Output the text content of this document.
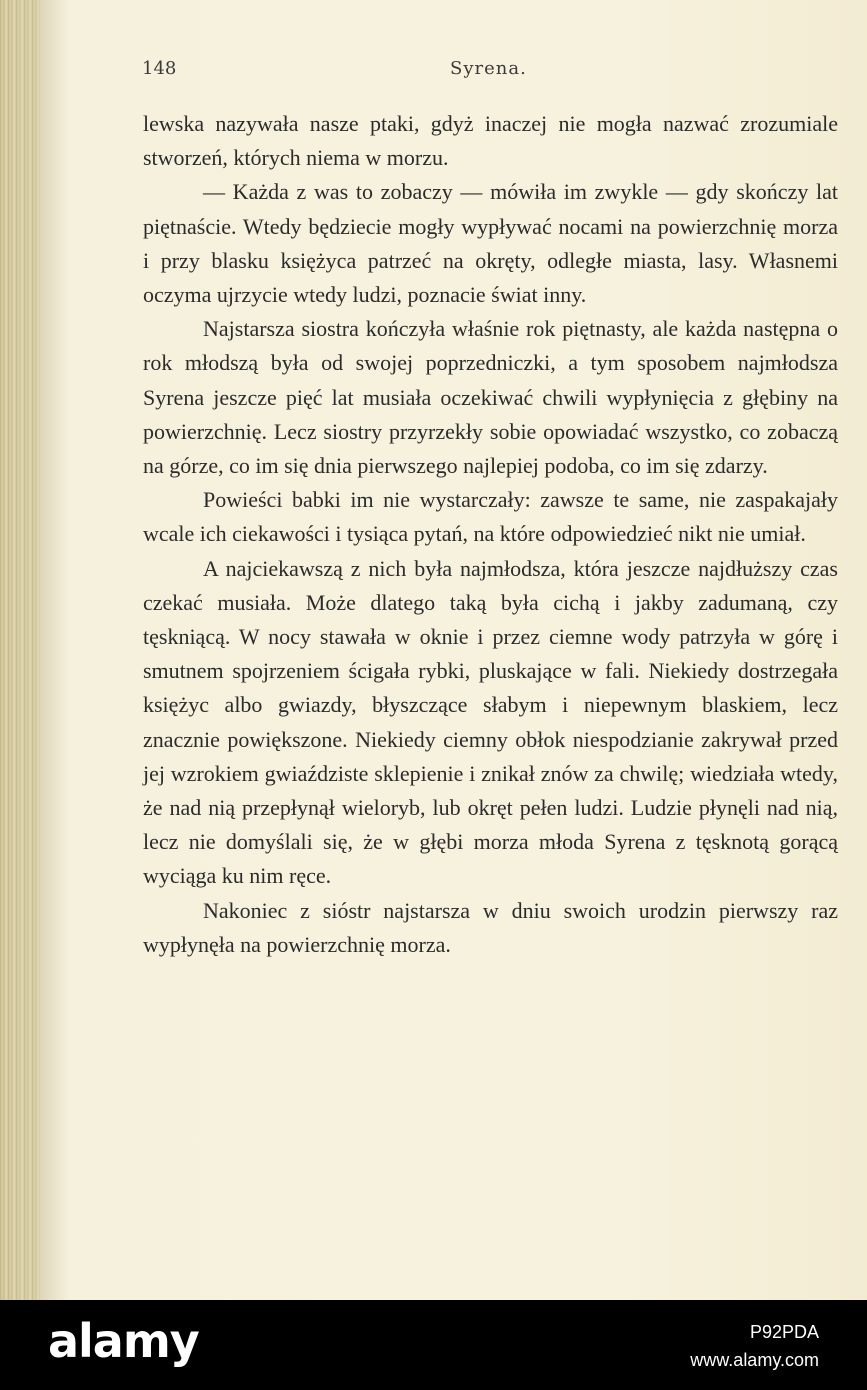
148	Syrena.

lewska nazywała nasze ptaki, gdyż inaczej nie mogła nazwać zrozumiale stworzeń, których niema w morzu.

— Każda z was to zobaczy — mówiła im zwykle — gdy skończy lat piętnaście. Wtedy będziecie mogły wypływać nocami na powierzchnię morza i przy blasku księżyca patrzeć na okręty, odległe miasta, lasy. Własnemi oczyma ujrzycie wtedy ludzi, poznacie świat inny.

Najstarsza siostra kończyła właśnie rok piętnasty, ale każda następna o rok młodszą była od swojej poprzedniczki, a tym sposobem najmłodsza Syrena jeszcze pięć lat musiała oczekiwać chwili wypłynięcia z głębiny na powierzchnię. Lecz siostry przyrzekły sobie opowiadać wszystko, co zobaczą na górze, co im się dnia pierwszego najlepiej podoba, co im się zdarzy.

Powieści babki im nie wystarczały: zawsze te same, nie zaspakajały wcale ich ciekawości i tysiąca pytań, na które odpowiedzieć nikt nie umiał.

A najciekawszą z nich była najmłodsza, która jeszcze najdłuższy czas czekać musiała. Może dlatego taką była cichą i jakby zadumaną, czy tęskniącą. W nocy stawała w oknie i przez ciemne wody patrzyła w górę i smutnem spojrzeniem ścigała rybki, pluskające w fali. Niekiedy dostrzegała księżyc albo gwiazdy, błyszczące słabym i niepewnym blaskiem, lecz znacznie powiększone. Niekiedy ciemny obłok niespodzianie zakrywał przed jej wzrokiem gwiaździste sklepienie i znikał znów za chwilę; wiedziała wtedy, że nad nią przepłynął wieloryb, lub okręt pełen ludzi. Ludzie płynęli nad nią, lecz nie domyślali się, że w głębi morza młoda Syrena z tęsknotą gorącą wyciąga ku nim ręce.

Nakoniec z sióstr najstarsza w dniu swoich urodzin pierwszy raz wypłynęła na powierzchnię morza.

alamy	P92PDA
www.alamy.com
